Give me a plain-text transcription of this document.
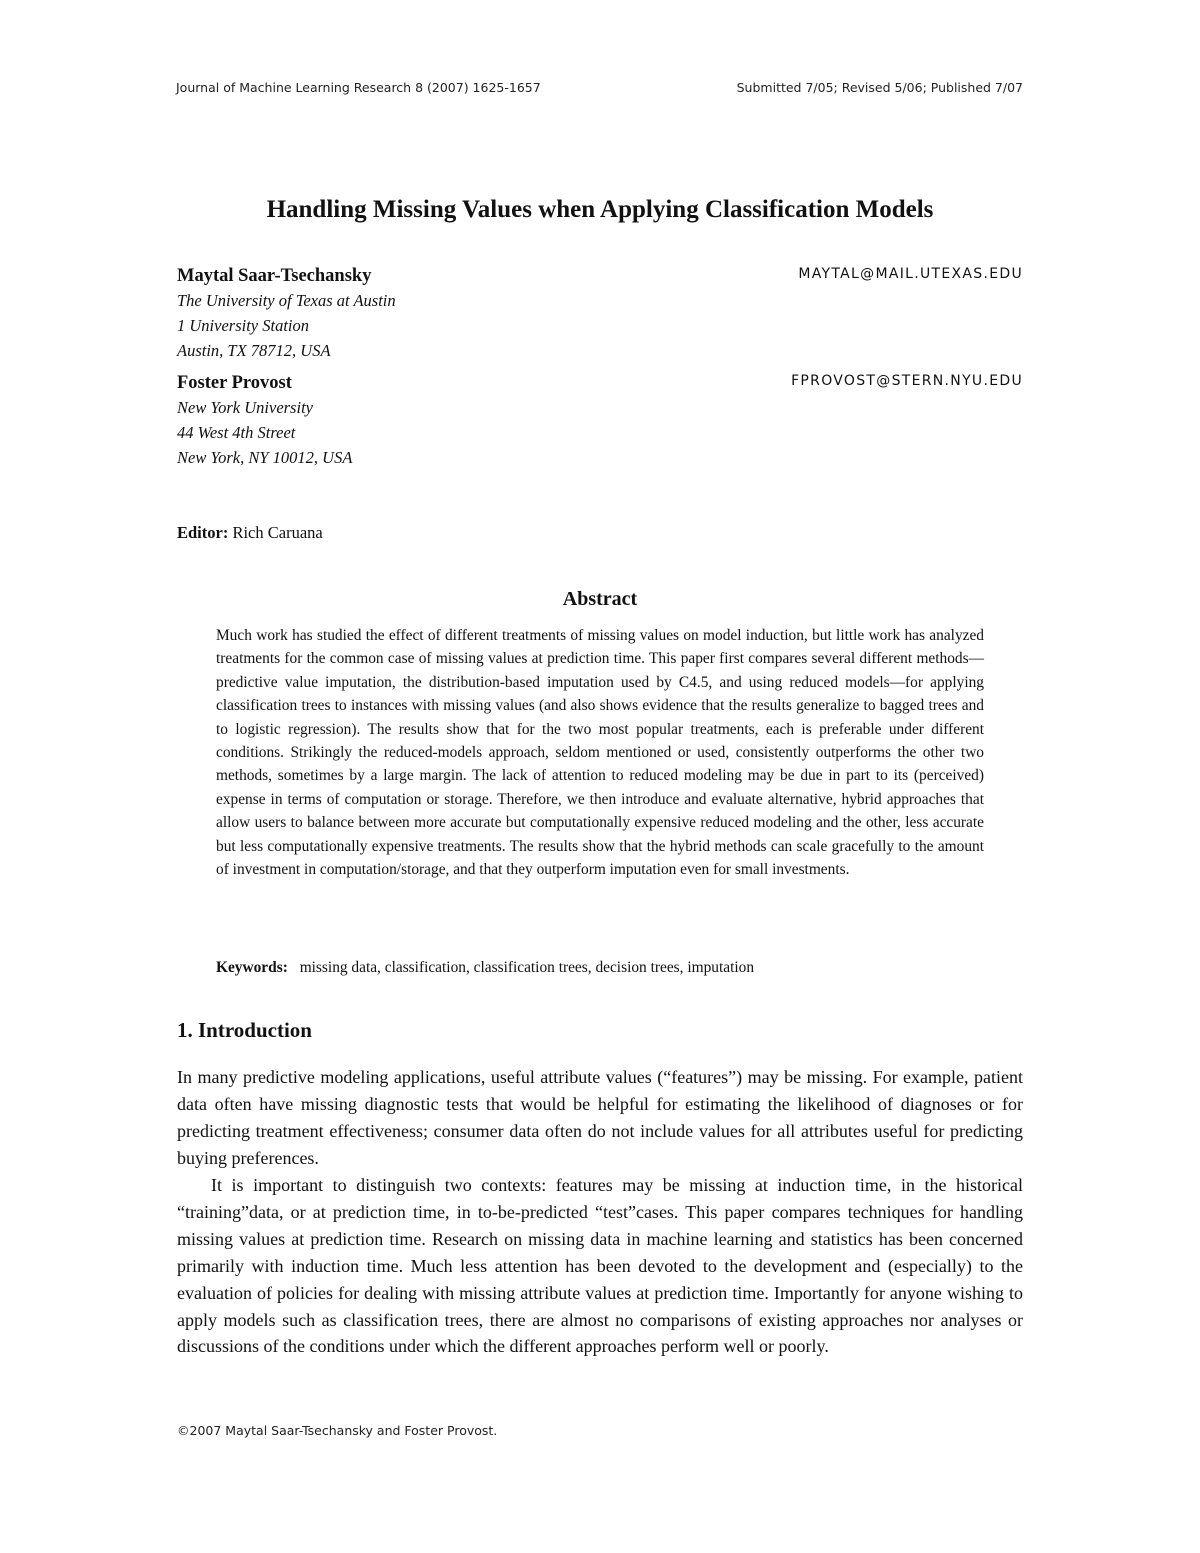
Journal of Machine Learning Research 8 (2007) 1625-1657	Submitted 7/05; Revised 5/06; Published 7/07
Handling Missing Values when Applying Classification Models
Maytal Saar-Tsechansky	MAYTAL@MAIL.UTEXAS.EDU
The University of Texas at Austin
1 University Station
Austin, TX 78712, USA
Foster Provost	FPROVOST@STERN.NYU.EDU
New York University
44 West 4th Street
New York, NY 10012, USA
Editor: Rich Caruana
Abstract
Much work has studied the effect of different treatments of missing values on model induction, but little work has analyzed treatments for the common case of missing values at prediction time. This paper first compares several different methods—predictive value imputation, the distribution-based imputation used by C4.5, and using reduced models—for applying classification trees to instances with missing values (and also shows evidence that the results generalize to bagged trees and to logistic regression). The results show that for the two most popular treatments, each is preferable under different conditions. Strikingly the reduced-models approach, seldom mentioned or used, consistently outperforms the other two methods, sometimes by a large margin. The lack of attention to reduced modeling may be due in part to its (perceived) expense in terms of computation or storage. Therefore, we then introduce and evaluate alternative, hybrid approaches that allow users to balance between more accurate but computationally expensive reduced modeling and the other, less accurate but less computationally expensive treatments. The results show that the hybrid methods can scale gracefully to the amount of investment in computation/storage, and that they outperform imputation even for small investments.
Keywords: missing data, classification, classification trees, decision trees, imputation
1. Introduction
In many predictive modeling applications, useful attribute values (“features”) may be missing. For example, patient data often have missing diagnostic tests that would be helpful for estimating the likelihood of diagnoses or for predicting treatment effectiveness; consumer data often do not include values for all attributes useful for predicting buying preferences.
It is important to distinguish two contexts: features may be missing at induction time, in the historical “training”data, or at prediction time, in to-be-predicted “test”cases. This paper compares techniques for handling missing values at prediction time. Research on missing data in machine learning and statistics has been concerned primarily with induction time. Much less attention has been devoted to the development and (especially) to the evaluation of policies for dealing with missing attribute values at prediction time. Importantly for anyone wishing to apply models such as classification trees, there are almost no comparisons of existing approaches nor analyses or discussions of the conditions under which the different approaches perform well or poorly.
©2007 Maytal Saar-Tsechansky and Foster Provost.
